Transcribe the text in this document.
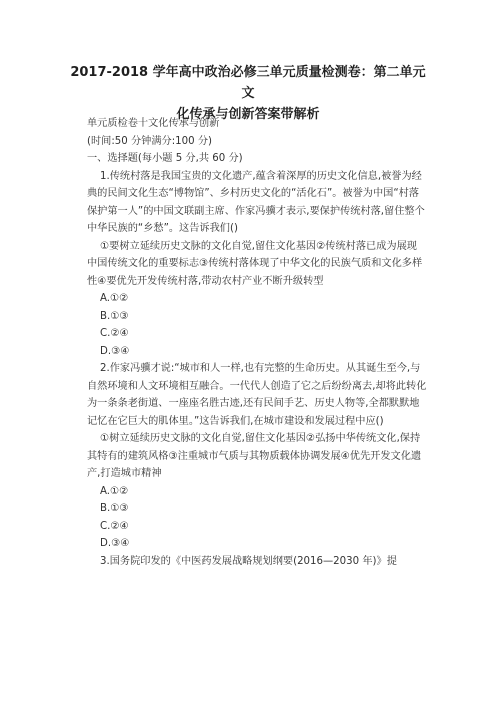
2017-2018 学年高中政治必修三单元质量检测卷：第二单元文
化传承与创新答案带解析

单元质检卷十文化传承与创新

(时间:50 分钟满分:100 分)

一、选择题(每小题 5 分,共 60 分)

1.传统村落是我国宝贵的文化遗产,蕴含着深厚的历史文化信息,被誉为经典的民间文化生态“博物馆”、乡村历史文化的“活化石”。被誉为中国“村落保护第一人”的中国文联副主席、作家冯骥才表示,要保护传统村落,留住整个中华民族的“乡愁”。这告诉我们()

①要树立延续历史文脉的文化自觉,留住文化基因②传统村落已成为展现中国传统文化的重要标志③传统村落体现了中华文化的民族气质和文化多样性④要优先开发传统村落,带动农村产业不断升级转型

A.①②

B.①③

C.②④

D.③④

2.作家冯骥才说:“城市和人一样,也有完整的生命历史。从其诞生至今,与自然环境和人文环境相互融合。一代代人创造了它之后纷纷离去,却将此转化为一条条老街道、一座座名胜古迹,还有民间手艺、历史人物等,全都默默地记忆在它巨大的肌体里。”这告诉我们,在城市建设和发展过程中应()

①树立延续历史文脉的文化自觉,留住文化基因②弘扬中华传统文化,保持其特有的建筑风格③注重城市气质与其物质载体协调发展④优先开发文化遗产,打造城市精神

A.①②

B.①③

C.②④

D.③④

3.国务院印发的《中医药发展战略规划纲要(2016—2030 年)》提
